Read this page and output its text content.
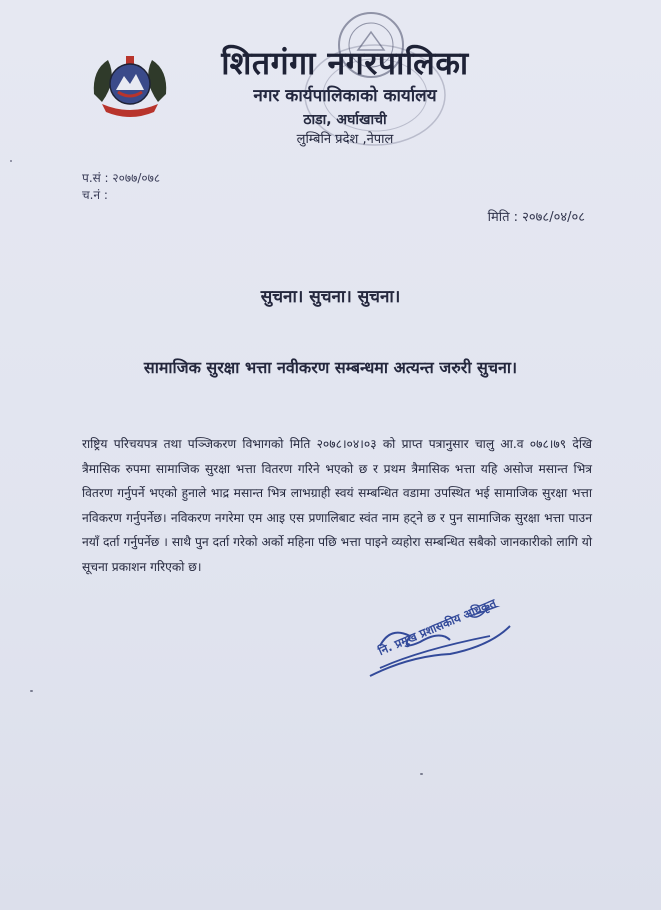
शितगंगा नगरपालिका
नगर कार्यपालिकाको कार्यालय
ठाडा, अर्घाखाची
लुम्बिनि प्रदेश ,नेपाल
प.सं : २०७७/०७८
च.नं :
मिति : २०७८/०४/०८
सुचना। सुचना। सुचना।
सामाजिक सुरक्षा भत्ता नवीकरण सम्बन्धमा अत्यन्त जरुरी सुचना।
राष्ट्रिय परिचयपत्र तथा पञ्जिकरण विभागको मिति २०७८।०४।०३ को प्राप्त पत्रानुसार चालु आ.व ०७८।७९ देखि त्रैमासिक रुपमा सामाजिक सुरक्षा भत्ता वितरण गरिने भएको छ र प्रथम त्रैमासिक भत्ता यहि असोज मसान्त भित्र वितरण गर्नुपर्ने भएको हुनाले भाद्र मसान्त भित्र लाभग्राही स्वयं सम्बन्धित वडामा उपस्थित भई सामाजिक सुरक्षा भत्ता नविकरण गर्नुपर्नेछ। नविकरण नगरेमा एम आइ एस प्रणालिबाट स्वंत नाम हट्ने छ र पुन सामाजिक सुरक्षा भत्ता पाउन नयाँ दर्ता गर्नुपर्नेछ । साथै पुन दर्ता गरेको अर्को महिना पछि भत्ता पाइने व्यहोरा सम्बन्धित सबैको जानकारीको लागि यो सूचना प्रकाशन गरिएको छ।
नि. प्रमुख प्रशासकीय अधिकृत
